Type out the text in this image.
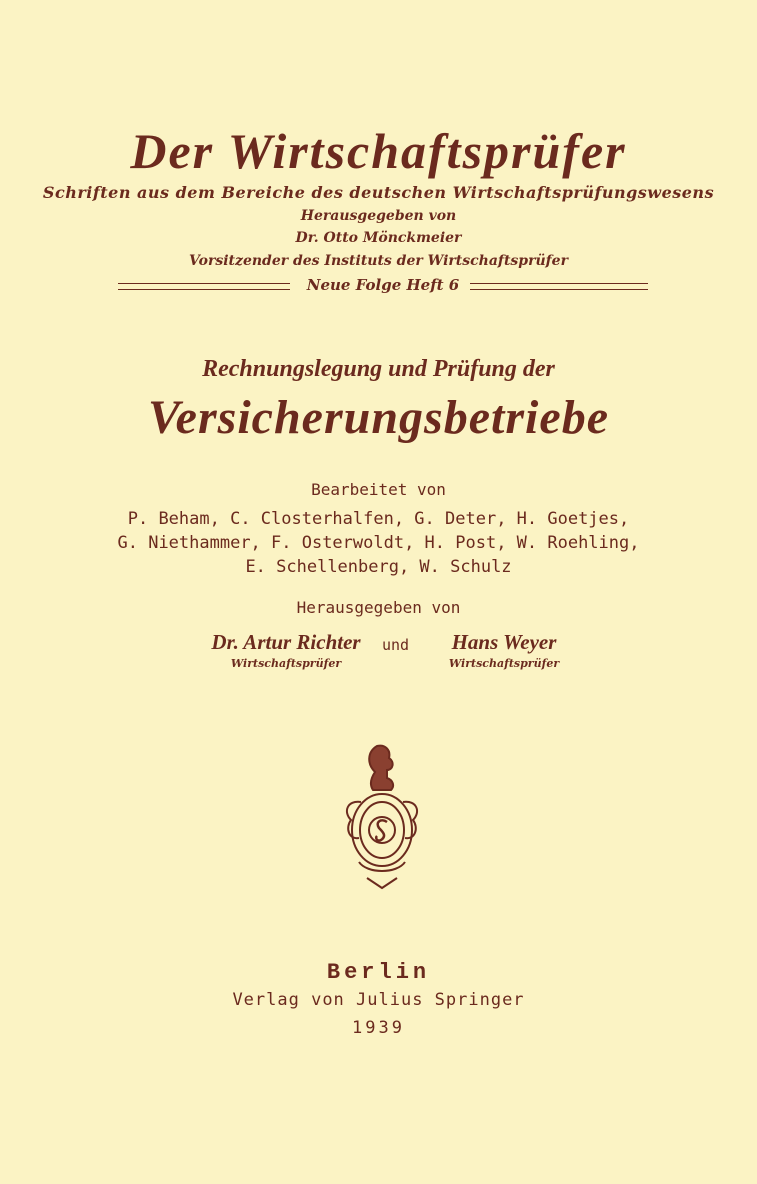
Der Wirtschaftsprüfer
Schriften aus dem Bereiche des deutschen Wirtschaftsprüfungswesens
Herausgegeben von
Dr. Otto Mönckmeier
Vorsitzender des Instituts der Wirtschaftsprüfer
Neue Folge Heft 6
Rechnungslegung und Prüfung der
Versicherungsbetriebe
Bearbeitet von
P. Beham, C. Closterhalfen, G. Deter, H. Goetjes,
G. Niethammer, F. Osterwoldt, H. Post, W. Roehling,
E. Schellenberg, W. Schulz
Herausgegeben von
Dr. Artur Richter
Wirtschaftsprüfer
und	Hans Weyer
Wirtschaftsprüfer
Berlin
Verlag von Julius Springer
1939
